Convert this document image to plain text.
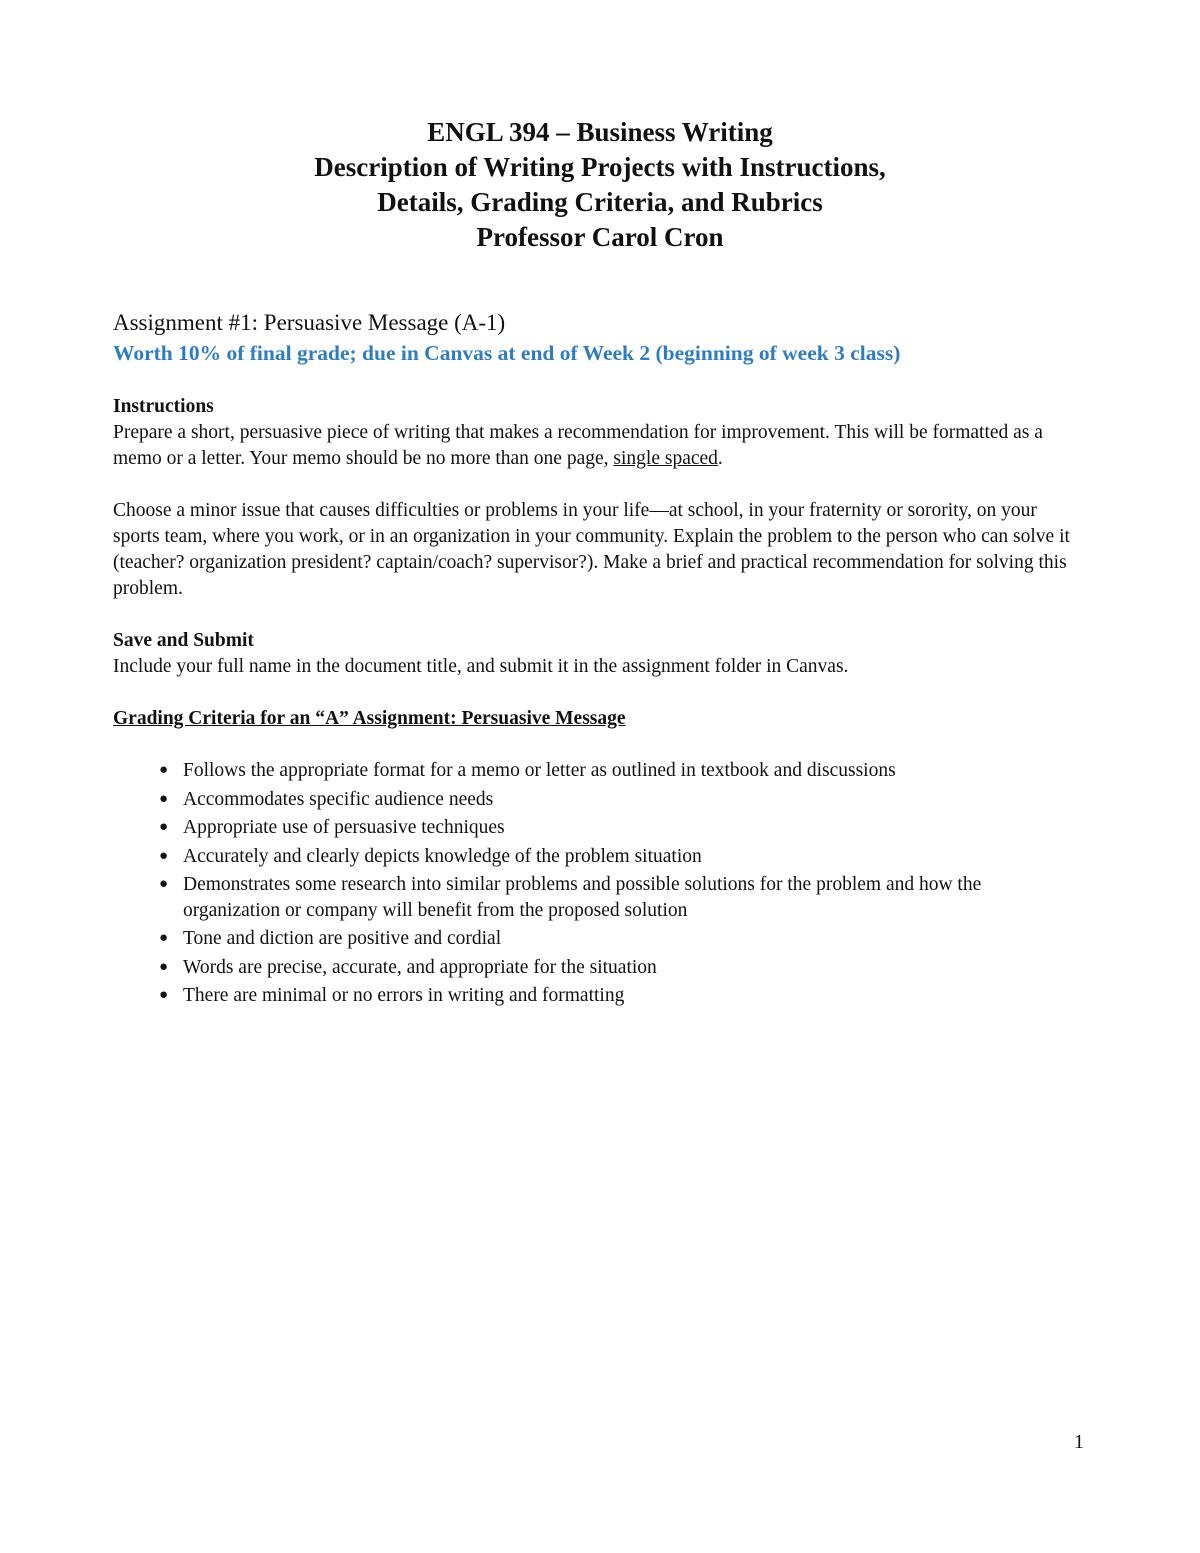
ENGL 394 – Business Writing
Description of Writing Projects with Instructions,
Details, Grading Criteria, and Rubrics
Professor Carol Cron
Assignment #1: Persuasive Message (A-1)
Worth 10% of final grade; due in Canvas at end of Week 2 (beginning of week 3 class)
Instructions

Prepare a short, persuasive piece of writing that makes a recommendation for improvement. This will be formatted as a memo or a letter. Your memo should be no more than one page, single spaced.

Choose a minor issue that causes difficulties or problems in your life—at school, in your fraternity or sorority, on your sports team, where you work, or in an organization in your community. Explain the problem to the person who can solve it (teacher? organization president? captain/coach? supervisor?). Make a brief and practical recommendation for solving this problem.

Save and Submit

Include your full name in the document title, and submit it in the assignment folder in Canvas.

Grading Criteria for an “A” Assignment: Persuasive Message
● Follows the appropriate format for a memo or letter as outlined in textbook and discussions
● Accommodates specific audience needs
● Appropriate use of persuasive techniques
● Accurately and clearly depicts knowledge of the problem situation
● Demonstrates some research into similar problems and possible solutions for the problem and how the organization or company will benefit from the proposed solution
● Tone and diction are positive and cordial
● Words are precise, accurate, and appropriate for the situation
● There are minimal or no errors in writing and formatting
1
